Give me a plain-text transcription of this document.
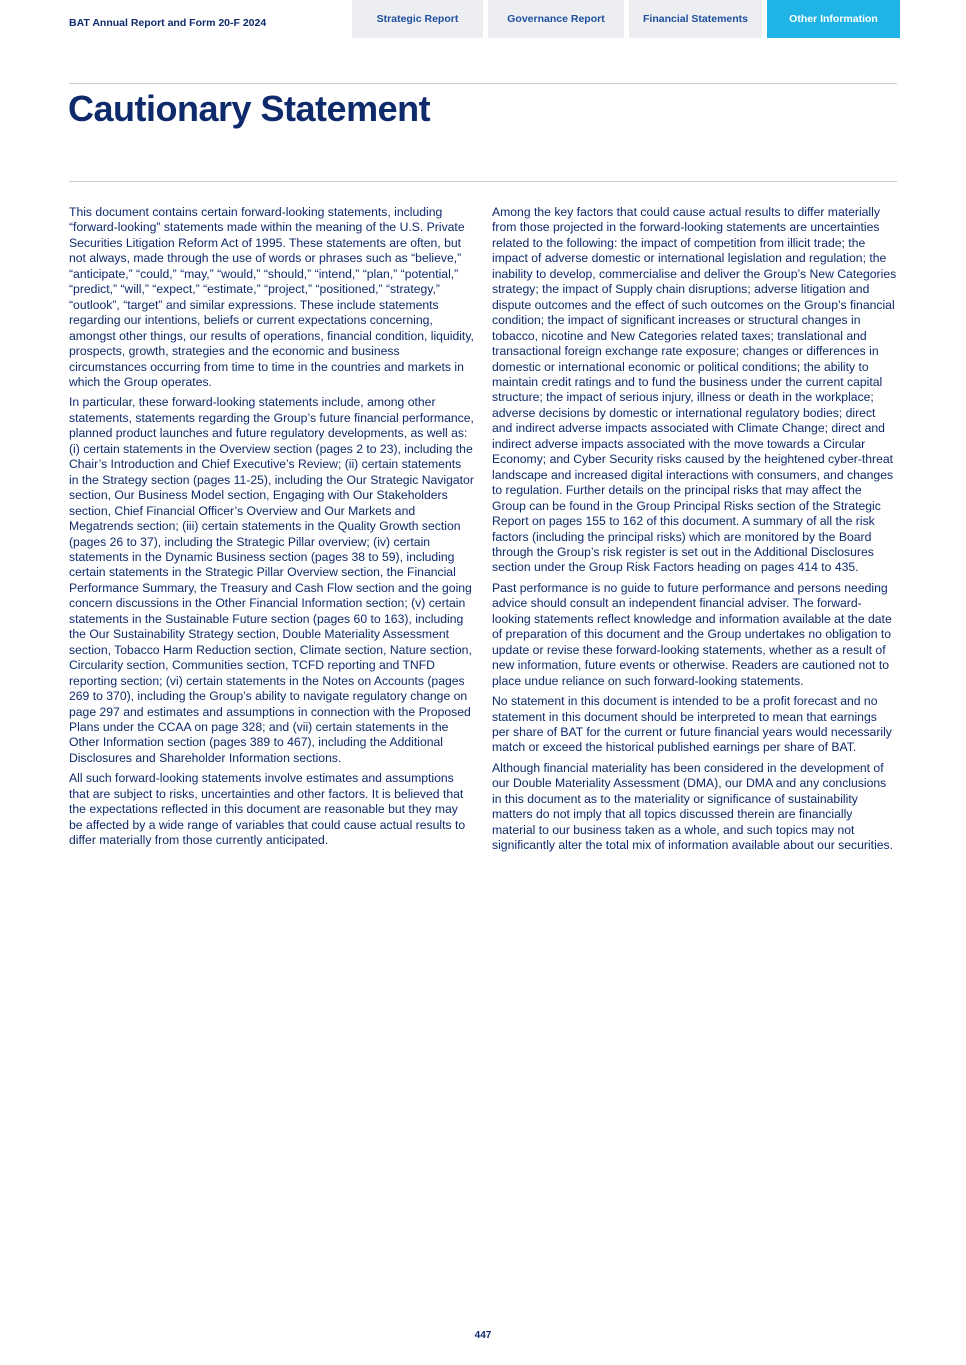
BAT Annual Report and Form 20-F 2024	Strategic Report	Governance Report	Financial Statements	Other Information
Cautionary Statement

This document contains certain forward-looking statements, including “forward-looking” statements made within the meaning of the U.S. Private Securities Litigation Reform Act of 1995. These statements are often, but not always, made through the use of words or phrases such as “believe,” “anticipate,” “could,” “may,” “would,” “should,” “intend,” “plan,” “potential,” “predict,” “will,” “expect,” “estimate,” “project,” “positioned,” “strategy,” “outlook”, “target” and similar expressions. These include statements regarding our intentions, beliefs or current expectations concerning, amongst other things, our results of operations, financial condition, liquidity, prospects, growth, strategies and the economic and business circumstances occurring from time to time in the countries and markets in which the Group operates.

In particular, these forward-looking statements include, among other statements, statements regarding the Group’s future financial performance, planned product launches and future regulatory developments, as well as: (i) certain statements in the Overview section (pages 2 to 23), including the Chair’s Introduction and Chief Executive’s Review; (ii) certain statements in the Strategy section (pages 11-25), including the Our Strategic Navigator section, Our Business Model section, Engaging with Our Stakeholders section, Chief Financial Officer’s Overview and Our Markets and Megatrends section; (iii) certain statements in the Quality Growth section (pages 26 to 37), including the Strategic Pillar overview; (iv) certain statements in the Dynamic Business section (pages 38 to 59), including certain statements in the Strategic Pillar Overview section, the Financial Performance Summary, the Treasury and Cash Flow section and the going concern discussions in the Other Financial Information section; (v) certain statements in the Sustainable Future section (pages 60 to 163), including the Our Sustainability Strategy section, Double Materiality Assessment section, Tobacco Harm Reduction section, Climate section, Nature section, Circularity section, Communities section, TCFD reporting and TNFD reporting section; (vi) certain statements in the Notes on Accounts (pages 269 to 370), including the Group’s ability to navigate regulatory change on page 297 and estimates and assumptions in connection with the Proposed Plans under the CCAA on page 328; and (vii) certain statements in the Other Information section (pages 389 to 467), including the Additional Disclosures and Shareholder Information sections.

All such forward-looking statements involve estimates and assumptions that are subject to risks, uncertainties and other factors. It is believed that the expectations reflected in this document are reasonable but they may be affected by a wide range of variables that could cause actual results to differ materially from those currently anticipated.

Among the key factors that could cause actual results to differ materially from those projected in the forward-looking statements are uncertainties related to the following: the impact of competition from illicit trade; the impact of adverse domestic or international legislation and regulation; the inability to develop, commercialise and deliver the Group’s New Categories strategy; the impact of Supply chain disruptions; adverse litigation and dispute outcomes and the effect of such outcomes on the Group’s financial condition; the impact of significant increases or structural changes in tobacco, nicotine and New Categories related taxes; translational and transactional foreign exchange rate exposure; changes or differences in domestic or international economic or political conditions; the ability to maintain credit ratings and to fund the business under the current capital structure; the impact of serious injury, illness or death in the workplace; adverse decisions by domestic or international regulatory bodies; direct and indirect adverse impacts associated with Climate Change; direct and indirect adverse impacts associated with the move towards a Circular Economy; and Cyber Security risks caused by the heightened cyber-threat landscape and increased digital interactions with consumers, and changes to regulation. Further details on the principal risks that may affect the Group can be found in the Group Principal Risks section of the Strategic Report on pages 155 to 162 of this document. A summary of all the risk factors (including the principal risks) which are monitored by the Board through the Group’s risk register is set out in the Additional Disclosures section under the Group Risk Factors heading on pages 414 to 435.

Past performance is no guide to future performance and persons needing advice should consult an independent financial adviser. The forward-looking statements reflect knowledge and information available at the date of preparation of this document and the Group undertakes no obligation to update or revise these forward-looking statements, whether as a result of new information, future events or otherwise. Readers are cautioned not to place undue reliance on such forward-looking statements.

No statement in this document is intended to be a profit forecast and no statement in this document should be interpreted to mean that earnings per share of BAT for the current or future financial years would necessarily match or exceed the historical published earnings per share of BAT.

Although financial materiality has been considered in the development of our Double Materiality Assessment (DMA), our DMA and any conclusions in this document as to the materiality or significance of sustainability matters do not imply that all topics discussed therein are financially material to our business taken as a whole, and such topics may not significantly alter the total mix of information available about our securities.

447
